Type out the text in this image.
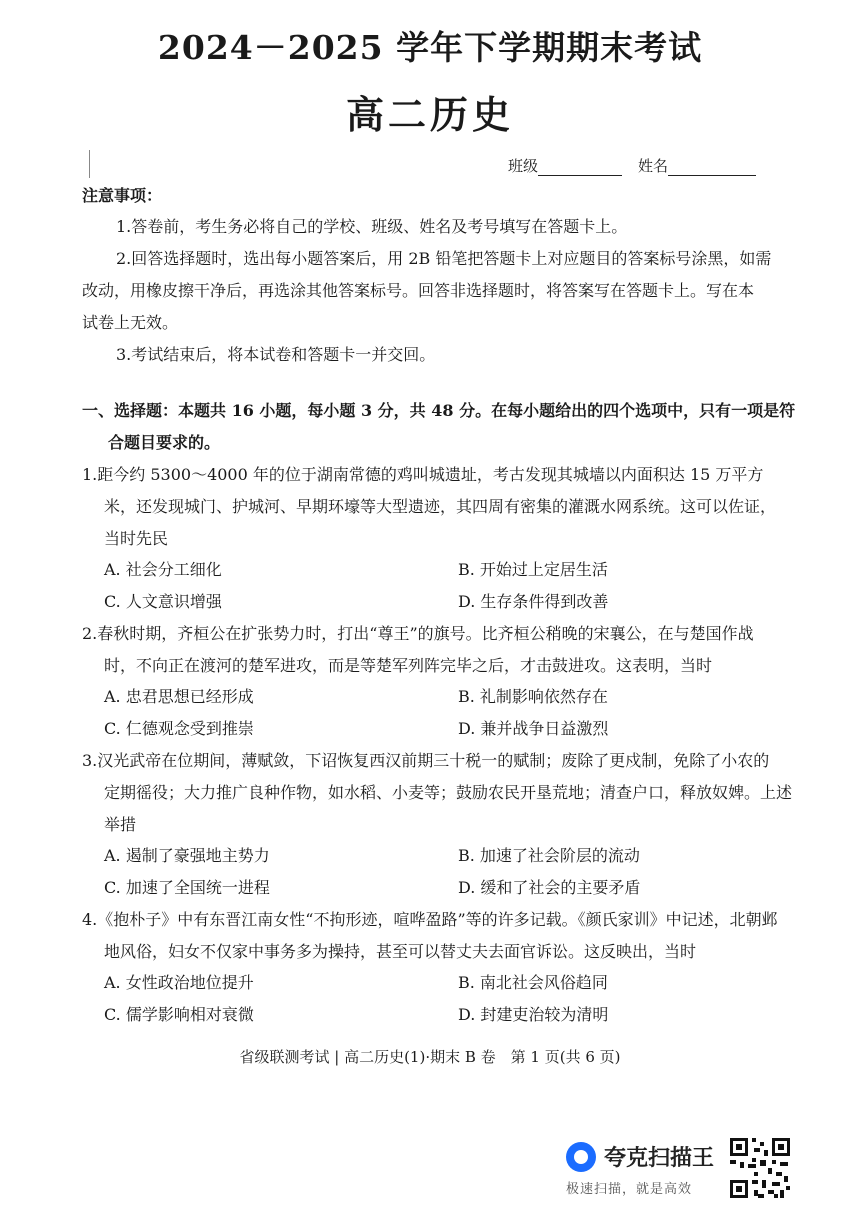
2024－2025 学年下学期期末考试
高二历史
班级	姓名
注意事项：
1.答卷前，考生务必将自己的学校、班级、姓名及考号填写在答题卡上。
2.回答选择题时，选出每小题答案后，用 2B 铅笔把答题卡上对应题目的答案标号涂黑，如需
改动，用橡皮擦干净后，再选涂其他答案标号。回答非选择题时，将答案写在答题卡上。写在本
试卷上无效。
3.考试结束后，将本试卷和答题卡一并交回。
一、选择题：本题共 16 小题，每小题 3 分，共 48 分。在每小题给出的四个选项中，只有一项是符
合题目要求的。
1.距今约 5300～4000 年的位于湖南常德的鸡叫城遗址，考古发现其城墙以内面积达 15 万平方
米，还发现城门、护城河、早期环壕等大型遗迹，其四周有密集的灌溉水网系统。这可以佐证，
当时先民
A. 社会分工细化	B. 开始过上定居生活
C. 人文意识增强	D. 生存条件得到改善
2.春秋时期，齐桓公在扩张势力时，打出“尊王”的旗号。比齐桓公稍晚的宋襄公，在与楚国作战
时，不向正在渡河的楚军进攻，而是等楚军列阵完毕之后，才击鼓进攻。这表明，当时
A. 忠君思想已经形成	B. 礼制影响依然存在
C. 仁德观念受到推崇	D. 兼并战争日益激烈
3.汉光武帝在位期间，薄赋敛，下诏恢复西汉前期三十税一的赋制；废除了更戍制，免除了小农的
定期徭役；大力推广良种作物，如水稻、小麦等；鼓励农民开垦荒地；清查户口，释放奴婢。上述
举措
A. 遏制了豪强地主势力	B. 加速了社会阶层的流动
C. 加速了全国统一进程	D. 缓和了社会的主要矛盾
4.《抱朴子》中有东晋江南女性“不拘形迹，喧哗盈路”等的许多记载。《颜氏家训》中记述，北朝邺
地风俗，妇女不仅家中事务多为操持，甚至可以替丈夫去面官诉讼。这反映出，当时
A. 女性政治地位提升	B. 南北社会风俗趋同
C. 儒学影响相对衰微	D. 封建吏治较为清明
省级联测考试 | 高二历史(1)·期末 B 卷　第 1 页(共 6 页)
夸克扫描王
极速扫描，就是高效
